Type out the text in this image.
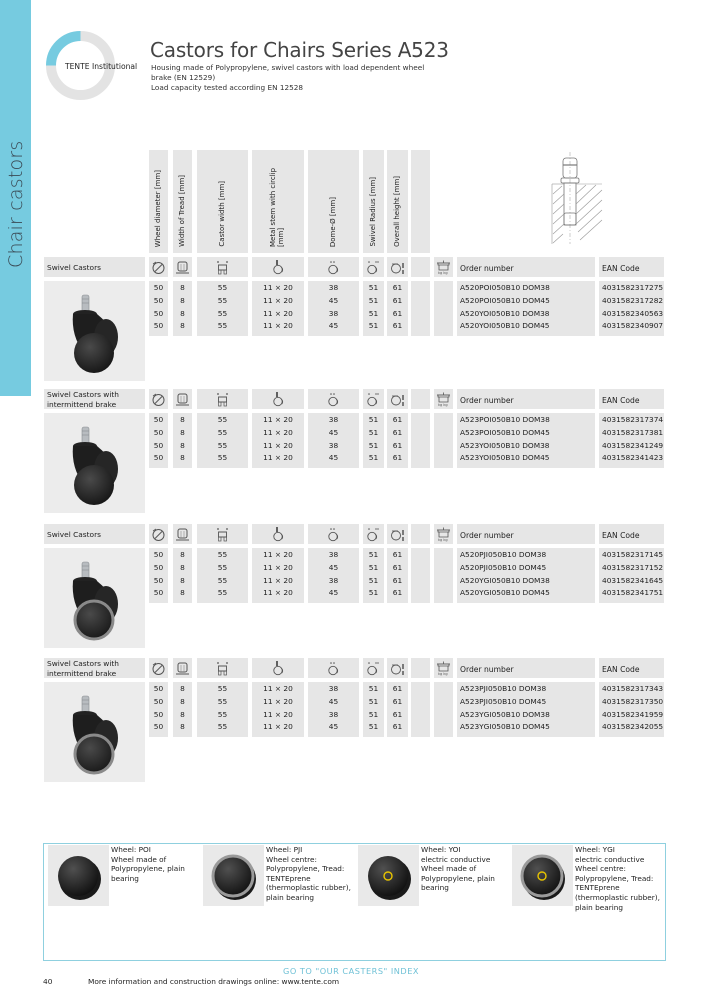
Chair castors
TENTE Institutional
Castors for Chairs Series A523
Housing made of Polypropylene, swivel castors with load dependent wheel
brake (EN 12529)
Load capacity tested according EN 12528
Wheel diameter [mm] Width of Tread [mm]	Castor width [mm]	Metal stem with circlip [mm]	Dome-Ø [mm]	Swivel Radius [mm] Overall height [mm]
Swivel Castors
kg kg Order number	EAN Code
50	8	55	11 × 20	38	51	61	A520POI050B10 DOM38	4031582317275
50	8	55	11 × 20	45	51	61	A520POI050B10 DOM45	4031582317282
50	8	55	11 × 20	38	51	61	A520YOI050B10 DOM38	4031582340563
50	8	55	11 × 20	45	51	61	A520YOI050B10 DOM45	4031582340907
Swivel Castors with intermittend brake	kg kg Order number	EAN Code
50	8	55	11 × 20	38	51	61	A523POI050B10 DOM38	4031582317374
50	8	55	11 × 20	45	51	61	A523POI050B10 DOM45	4031582317381
50	8	55	11 × 20	38	51	61	A523YOI050B10 DOM38	4031582341249
50	8	55	11 × 20	45	51	61	A523YOI050B10 DOM45	4031582341423
Swivel Castors
kg kg Order number	EAN Code
50	8	55	11 × 20	38	51	61	A520PJI050B10 DOM38	4031582317145
50	8	55	11 × 20	45	51	61	A520PJI050B10 DOM45	4031582317152
50	8	55	11 × 20	38	51	61	A520YGI050B10 DOM38	4031582341645
50	8	55	11 × 20	45	51	61	A520YGI050B10 DOM45	4031582341751
Swivel Castors with intermittend brake	kg kg Order number	EAN Code
50	8	55	11 × 20	38	51	61	A523PJI050B10 DOM38	4031582317343
50	8	55	11 × 20	45	51	61	A523PJI050B10 DOM45	4031582317350
50	8	55	11 × 20	38	51	61	A523YGI050B10 DOM38	4031582341959
50	8	55	11 × 20	45	51	61	A523YGI050B10 DOM45	4031582342055
Wheel: POI
Wheel made of
Polypropylene, plain
bearing
Wheel: PJI
Wheel centre:
Polypropylene, Tread:
TENTEprene
(thermoplastic rubber),
plain bearing
Wheel: YOI
electric conductive
Wheel made of
Polypropylene, plain
bearing
Wheel: YGI
electric conductive
Wheel centre:
Polypropylene, Tread:
TENTEprene
(thermoplastic rubber),
plain bearing
GO TO "OUR CASTERS" INDEX
40	More information and construction drawings online: www.tente.com
